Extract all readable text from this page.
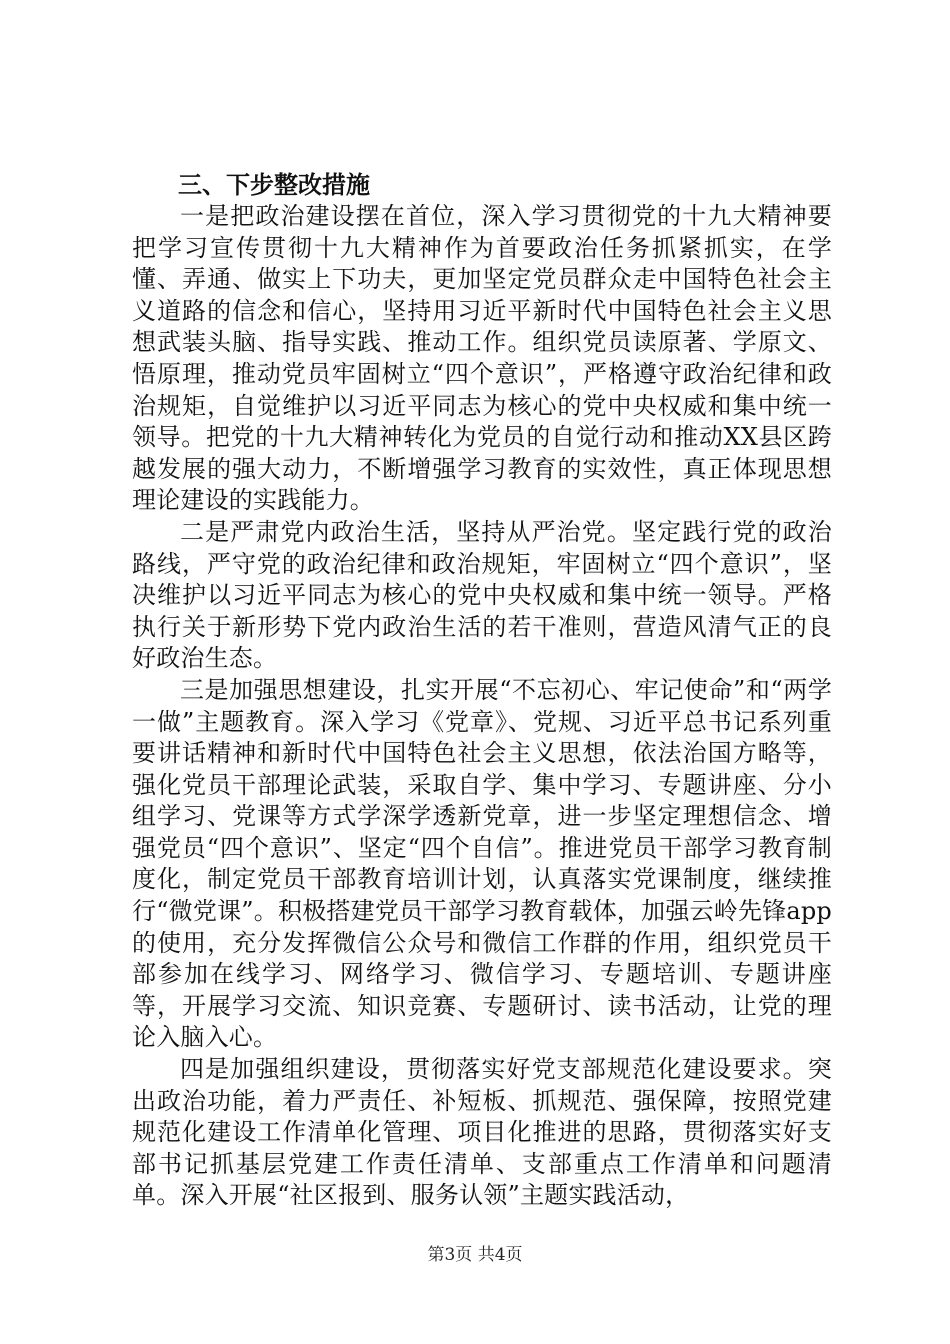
三、下步整改措施

一是把政治建设摆在首位，深入学习贯彻党的十九大精神要把学习宣传贯彻十九大精神作为首要政治任务抓紧抓实，在学懂、弄通、做实上下功夫，更加坚定党员群众走中国特色社会主义道路的信念和信心，坚持用习近平新时代中国特色社会主义思想武装头脑、指导实践、推动工作。组织党员读原著、学原文、悟原理，推动党员牢固树立“四个意识”，严格遵守政治纪律和政治规矩，自觉维护以习近平同志为核心的党中央权威和集中统一领导。把党的十九大精神转化为党员的自觉行动和推动XX县区跨越发展的强大动力，不断增强学习教育的实效性，真正体现思想理论建设的实践能力。

二是严肃党内政治生活，坚持从严治党。坚定践行党的政治路线，严守党的政治纪律和政治规矩，牢固树立“四个意识”，坚决维护以习近平同志为核心的党中央权威和集中统一领导。严格执行关于新形势下党内政治生活的若干准则，营造风清气正的良好政治生态。

三是加强思想建设，扎实开展“不忘初心、牢记使命”和“两学一做”主题教育。深入学习《党章》、党规、习近平总书记系列重要讲话精神和新时代中国特色社会主义思想，依法治国方略等，强化党员干部理论武装，采取自学、集中学习、专题讲座、分小组学习、党课等方式学深学透新党章，进一步坚定理想信念、增强党员“四个意识”、坚定“四个自信”。推进党员干部学习教育制度化，制定党员干部教育培训计划，认真落实党课制度，继续推行“微党课”。积极搭建党员干部学习教育载体，加强云岭先锋app的使用，充分发挥微信公众号和微信工作群的作用，组织党员干部参加在线学习、网络学习、微信学习、专题培训、专题讲座等，开展学习交流、知识竞赛、专题研讨、读书活动，让党的理论入脑入心。

四是加强组织建设，贯彻落实好党支部规范化建设要求。突出政治功能，着力严责任、补短板、抓规范、强保障，按照党建规范化建设工作清单化管理、项目化推进的思路，贯彻落实好支部书记抓基层党建工作责任清单、支部重点工作清单和问题清单。深入开展“社区报到、服务认领”主题实践活动，

第3页 共4页
